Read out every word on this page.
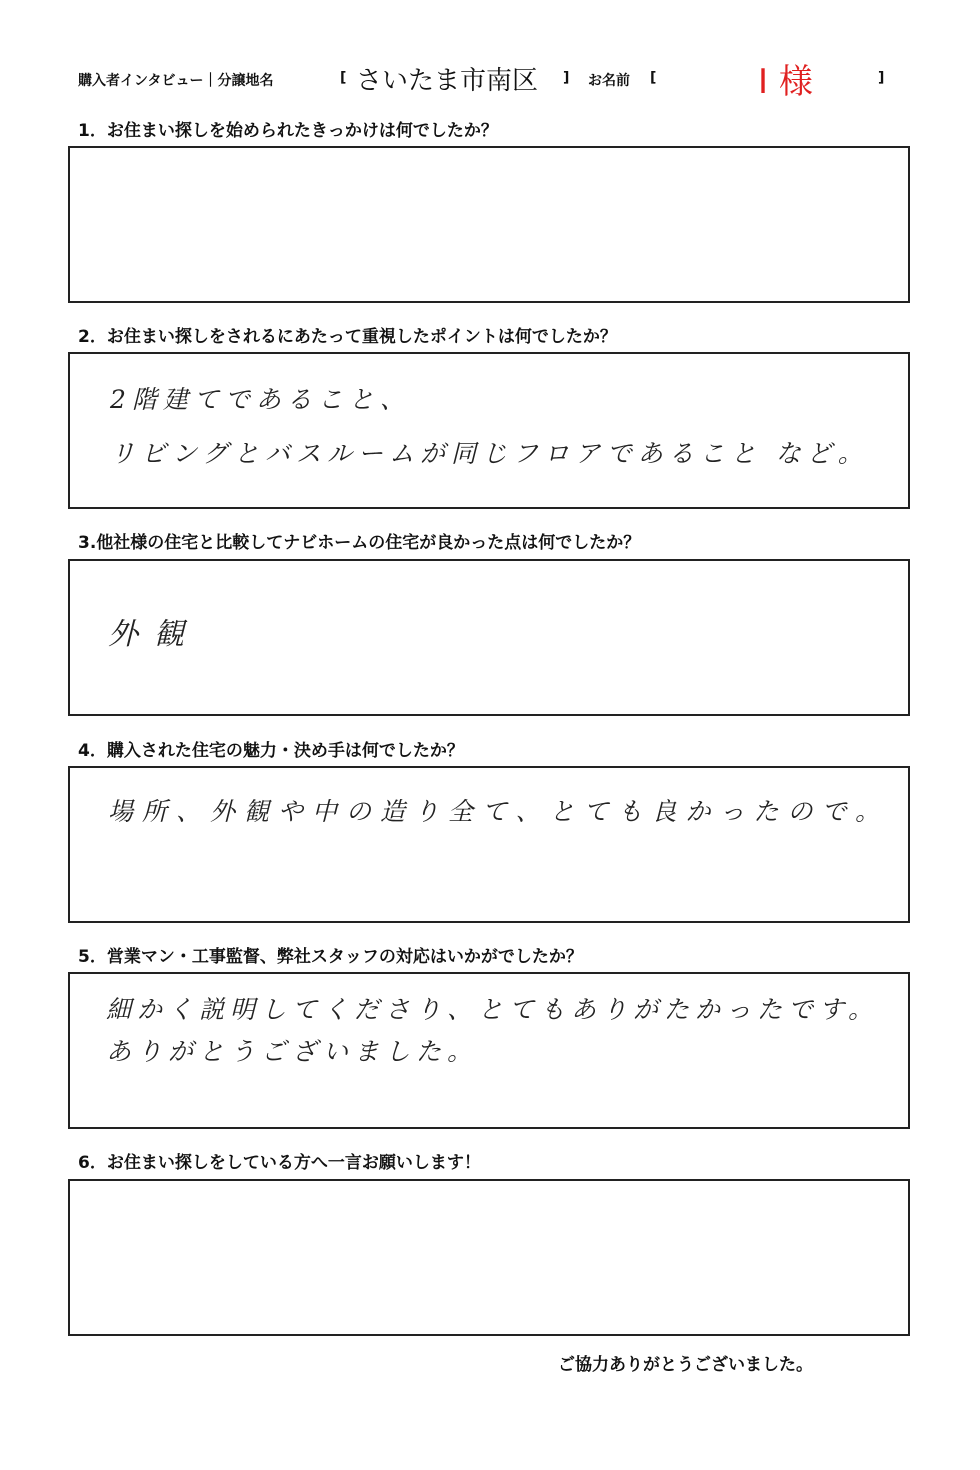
購入者インタビュー｜分譲地名	[ さいたま市南区 ] お名前 [	I 様	]
1．お住まい探しを始められたきっかけは何でしたか？
2．お住まい探しをされるにあたって重視したポイントは何でしたか？
2階建てであること、
リビングとバスルームが同じフロアであること など。
3.他社様の住宅と比較してナビホームの住宅が良かった点は何でしたか？
外観
4．購入された住宅の魅力・決め手は何でしたか？
場所、外観や中の造り全て、とても良かったので。
5．営業マン・工事監督、弊社スタッフの対応はいかがでしたか？
細かく説明してくださり、とてもありがたかったです。
ありがとうございました。
6．お住まい探しをしている方へ一言お願いします！
ご協力ありがとうございました。
